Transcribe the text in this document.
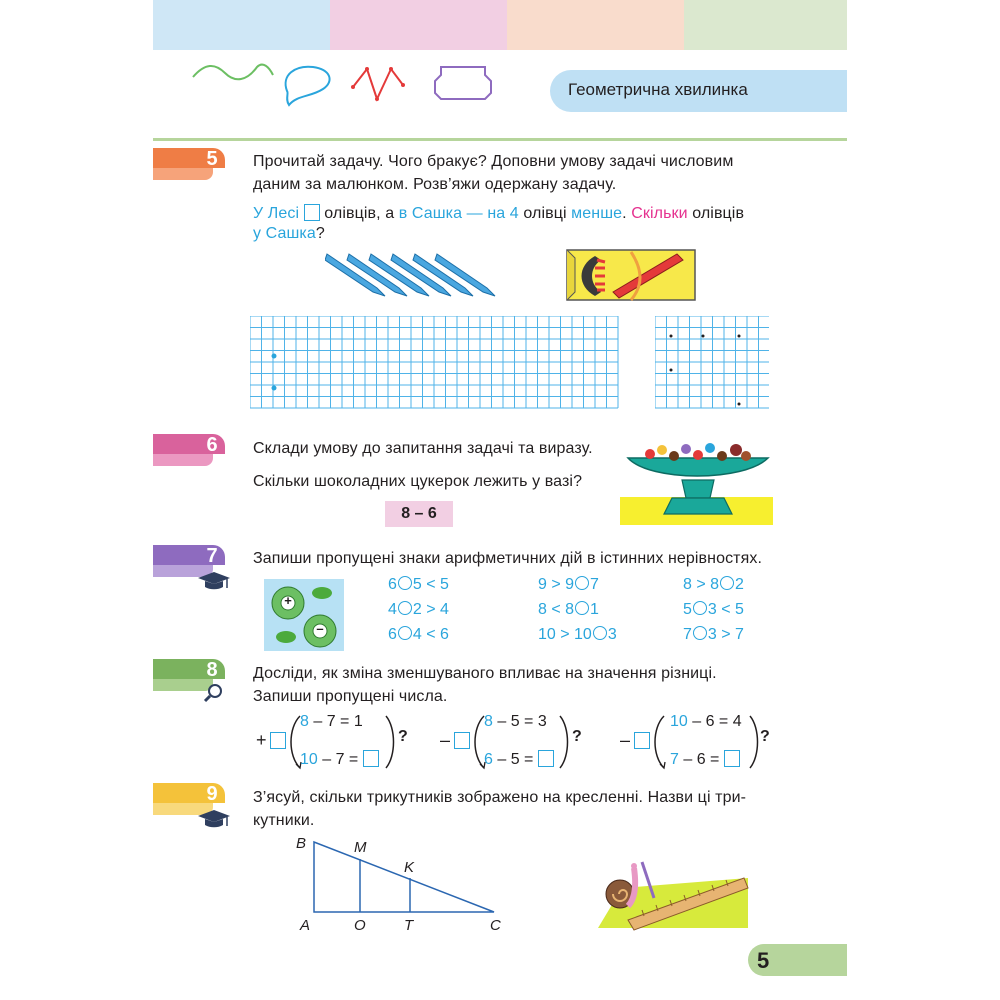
Геометрична хвилинка
5	Прочитай задачу. Чого бракує? Доповни умову задачі числовим
даним за малюнком. Розв’яжи одержану задачу.
У Лесі олівців, а в Сашка — на 4 олівці менше. Скільки олівців
у Сашка?
6	Склади умову до запитання задачі та виразу.
Скільки шоколадних цукерок лежить у вазі?
8 – 6
7	Запиши пропущені знаки арифметичних дій в істинних нерівностях.
+
–
6 5 < 5	9 > 9 7	8 > 8 2
4 2 > 4	8 < 8 1	5 3 < 5
6 4 < 6	10 > 10 3	7 3 > 7
8	Досліди, як зміна зменшуваного впливає на значення різниці.
Запиши пропущені числа.
+
8 – 7 = 1
10 – 7 =
? –
8 – 5 = 3
6 – 5 =
? –
10 – 6 = 4
7 – 6 =
?
9	З’ясуй, скільки трикутників зображено на кресленні. Назви ці три-
кутники.
B	M
K
A	O	T	C
5
